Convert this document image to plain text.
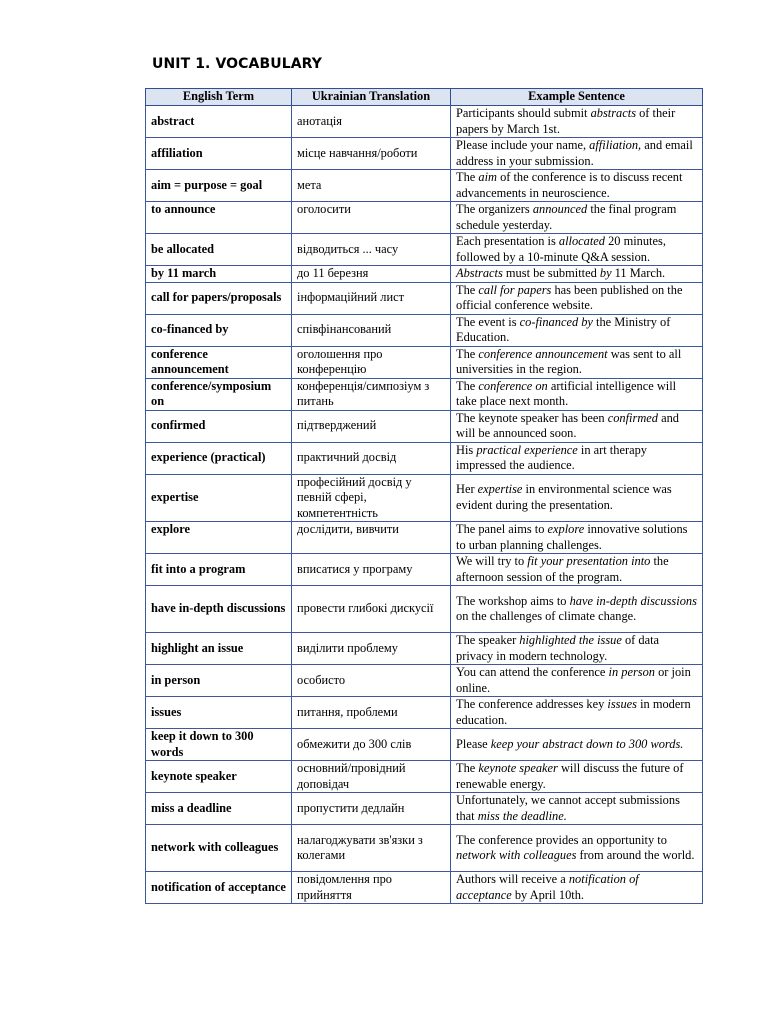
UNIT 1. VOCABULARY
English Term	Ukrainian Translation	Example Sentence
abstract	анотація	Participants should submit abstracts of their papers by March 1st.
affiliation	місце навчання/роботи	Please include your name, affiliation, and email address in your submission.
aim = purpose = goal	мета	The aim of the conference is to discuss recent advancements in neuroscience.
to announce	оголосити	The organizers announced the final program schedule yesterday.
be allocated	відводиться ... часу	Each presentation is allocated 20 minutes, followed by a 10-minute Q&A session.
by 11 march	до 11 березня	Abstracts must be submitted by 11 March.
call for papers/proposals	інформаційний лист	The call for papers has been published on the official conference website.
co-financed by	співфінансований	The event is co-financed by the Ministry of Education.
conference announcement	оголошення про конференцію	The conference announcement was sent to all universities in the region.
conference/symposium on	конференція/симпозіум з питань	The conference on artificial intelligence will take place next month.
confirmed	підтверджений	The keynote speaker has been confirmed and will be announced soon.
experience (practical)	практичний досвід	His practical experience in art therapy impressed the audience.
expertise	професійний досвід у певній сфері, компетентність	Her expertise in environmental science was evident during the presentation.
explore	дослідити, вивчити	The panel aims to explore innovative solutions to urban planning challenges.
fit into a program	вписатися у програму	We will try to fit your presentation into the afternoon session of the program.
have in-depth discussions	провести глибокі дискусії	The workshop aims to have in-depth discussions on the challenges of climate change.
highlight an issue	виділити проблему	The speaker highlighted the issue of data privacy in modern technology.
in person	особисто	You can attend the conference in person or join online.
issues	питання, проблеми	The conference addresses key issues in modern education.
keep it down to 300 words	обмежити до 300 слів	Please keep your abstract down to 300 words.
keynote speaker	основний/провідний доповідач	The keynote speaker will discuss the future of renewable energy.
miss a deadline	пропустити дедлайн	Unfortunately, we cannot accept submissions that miss the deadline.
network with colleagues	налагоджувати зв'язки з колегами	The conference provides an opportunity to network with colleagues from around the world.
notification of acceptance	повідомлення про прийняття	Authors will receive a notification of acceptance by April 10th.
